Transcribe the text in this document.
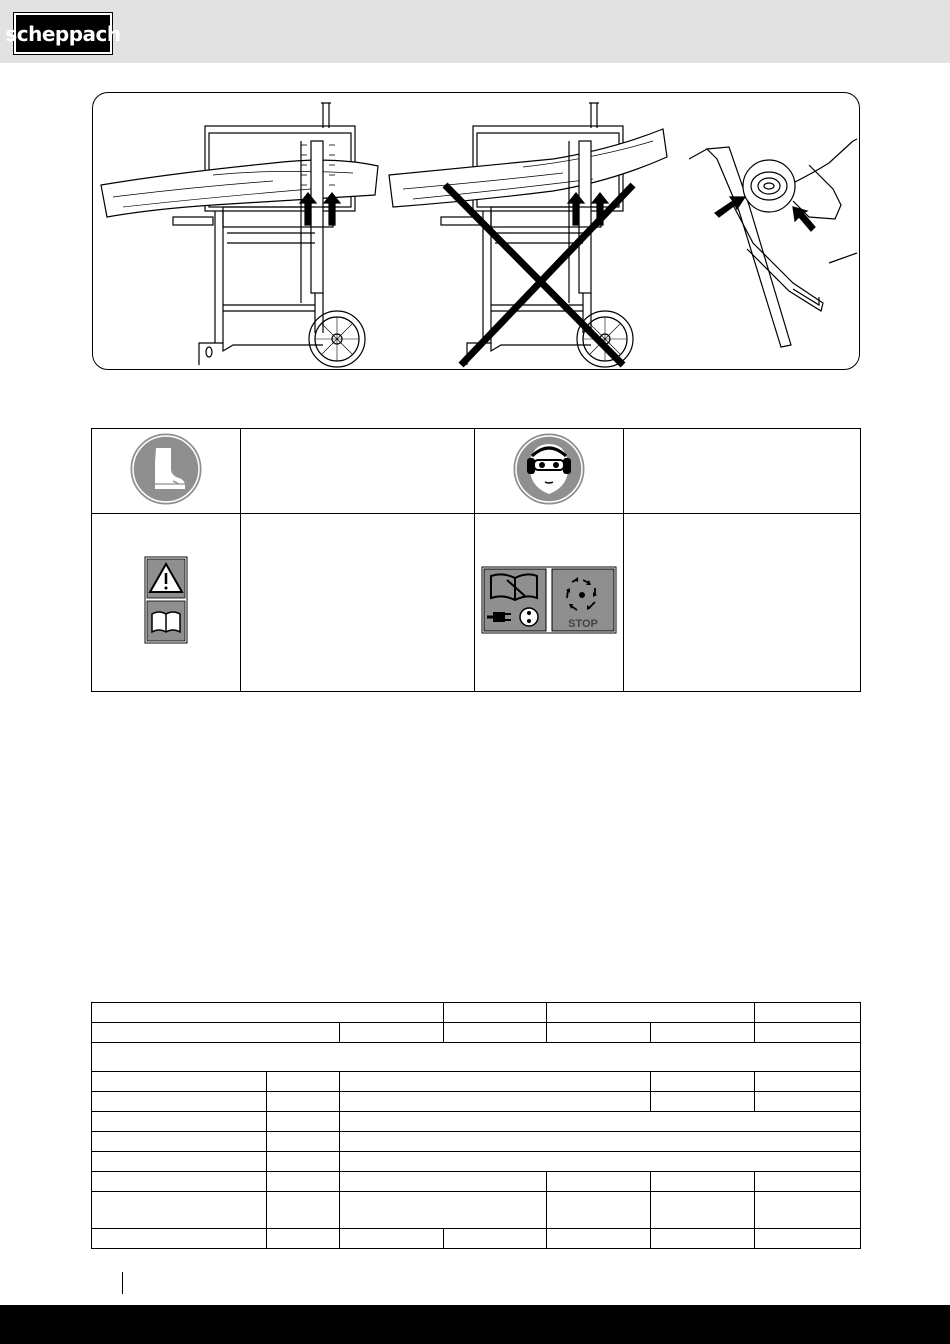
scheppach

STOP	
